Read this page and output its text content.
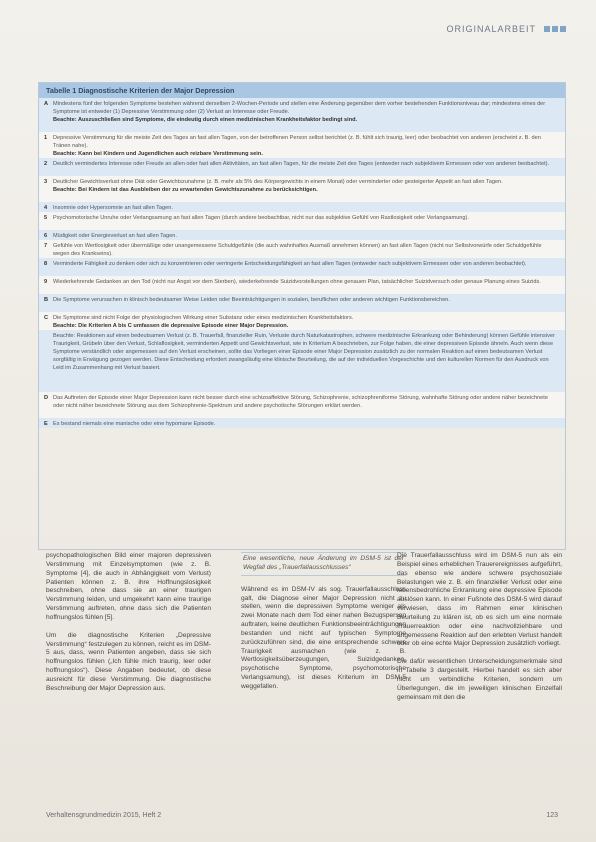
ORIGINALARBEIT
Tabelle 1 Diagnostische Kriterien der Major Depression
A Mindestens fünf der folgenden Symptome bestehen während derselben 2-Wochen-Periode und stellen eine Änderung gegenüber dem vorher bestehenden Funktionsniveau dar; mindestens eines der Symptome ist entweder (1) Depressive Verstimmung oder (2) Verlust an Interesse oder Freude.
Beachte: Auszuschließen sind Symptome, die eindeutig durch einen medizinischen Krankheitsfaktor bedingt sind.
1 Depressive Verstimmung für die meiste Zeit des Tages an fast allen Tagen, von der betroffenen Person selbst berichtet (z. B. fühlt sich traurig, leer) oder beobachtet von anderen (erscheint z. B. den Tränen nahe).
Beachte: Kann bei Kindern und Jugendlichen auch reizbare Verstimmung sein.
2 Deutlich vermindertes Interesse oder Freude an allen oder fast allen Aktivitäten, an fast allen Tagen, für die meiste Zeit des Tages (entweder nach subjektivem Ermessen oder von anderen beobachtet).
3 Deutlicher Gewichtsverlust ohne Diät oder Gewichtszunahme (z. B. mehr als 5% des Körpergewichts in einem Monat) oder verminderter oder gesteigerter Appetit an fast allen Tagen.
Beachte: Bei Kindern ist das Ausbleiben der zu erwartenden Gewichtszunahme zu berücksichtigen.
4 Insomnie oder Hypersomnie an fast allen Tagen.
5 Psychomotorische Unruhe oder Verlangsamung an fast allen Tagen (durch andere beobachtbar, nicht nur das subjektive Gefühl von Rastlosigkeit oder Verlangsamung).
6 Müdigkeit oder Energieverlust an fast allen Tagen.
7 Gefühle von Wertlosigkeit oder übermäßige oder unangemessene Schuldgefühle (die auch wahnhaftes Ausmaß annehmen können) an fast allen Tagen (nicht nur Selbstvorwürfe oder Schuldgefühle wegen des Krankseins).
8 Verminderte Fähigkeit zu denken oder sich zu konzentrieren oder verringerte Entscheidungsfähigkeit an fast allen Tagen (entweder nach subjektivem Ermessen oder von anderen beobachtet).
9 Wiederkehrende Gedanken an den Tod (nicht nur Angst vor dem Sterben), wiederkehrende Suizidvorstellungen ohne genauen Plan, tatsächlicher Suizidversuch oder genaue Planung eines Suizids.
B Die Symptome verursachen in klinisch bedeutsamer Weise Leiden oder Beeinträchtigungen in sozialen, beruflichen oder anderen wichtigen Funktionsbereichen.
C Die Symptome sind nicht Folge der physiologischen Wirkung einer Substanz oder eines medizinischen Krankheitsfaktors.
Beachte: Die Kriterien A bis C umfassen die depressive Episode einer Major Depression.
Beachte: Reaktionen auf einen bedeutsamen Verlust (z. B. Trauerfall, finanzieller Ruin, Verluste durch Naturkatastrophen, schwere medizinische Erkrankung oder Behinderung) können Gefühle intensiver Traurigkeit, Grübeln über den Verlust, Schlaflosigkeit, verminderten Appetit und Gewichtsverlust, wie in Kriterium A beschrieben, zur Folge haben, die einer depressiven Episode ähneln. Auch wenn diese Symptome verständlich oder angemessen auf den Verlust erscheinen, sollte das Vorliegen einer Episode einer Major Depression zusätzlich zu der normalen Reaktion auf einen bedeutsamen Verlust sorgfältig in Erwägung gezogen werden. Diese Entscheidung erfordert zwangsläufig eine klinische Beurteilung, die auf der individuellen Vorgeschichte und den kulturellen Normen für den Ausdruck von Leid im Zusammenhang mit Verlust basiert.
D Das Auftreten der Episode einer Major Depression kann nicht besser durch eine schizoaffektive Störung, Schizophrenie, schizophreniforme Störung, wahnhafte Störung oder andere näher bezeichnete oder nicht näher bezeichnete Störung aus dem Schizophrenie-Spektrum und andere psychotische Störungen erklärt werden.
E Es bestand niemals eine manische oder eine hypomane Episode.

psychopathologischen Bild einer majoren depressiven Verstimmung mit Einzelsymptomen (wie z. B. Symptome [4], die auch in Abhängigkeit vom Verlust) Patienten können z. B. ihre Hoffnungslosigkeit beschreiben, ohne dass sie an einer traurigen Verstimmung leiden, und umgekehrt kann eine traurige Verstimmung auftreten, ohne dass sich die Patienten hoffnungslos fühlen [5].

Um die diagnostische Kriterien „Depressive Verstimmung“ festzulegen zu können, reicht es im DSM-5 aus, dass, wenn Patienten angeben, dass sie sich hoffnungslos fühlen („Ich fühle mich traurig, leer oder hoffnungslos“). Diese Angaben bedeutet, ob diese ausreicht für diese Verstimmung. Die diagnostische Beschreibung der Major Depression aus.

Eine wesentliche, neue Änderung im DSM-5 ist der Wegfall des „Trauerfallausschlusses“

Während es im DSM-IV als sog. Trauerfallausschluss galt, die Diagnose einer Major Depression nicht zu stellen, wenn die depressiven Symptome weniger als zwei Monate nach dem Tod einer nahen Bezugsperson auftraten, keine deutlichen Funktionsbeeinträchtigungen bestanden und nicht auf typischen Symptome zurückzuführen sind, die eine entsprechende schwere Traurigkeit ausmachen (wie z. B. Wertlosigkeitsüberzeugungen, Suizidgedanken, psychotische Symptome, psychomotorische Verlangsamung), ist dieses Kriterium im DSM-5 weggefallen.

Die Trauerfallausschluss wird im DSM-5 nun als ein Beispiel eines erheblichen Trauerereignisses aufgeführt, das ebenso wie andere schwere psychosoziale Belastungen wie z. B. ein finanzieller Verlust oder eine lebensbedrohliche Erkrankung eine depressive Episode auslösen kann. In einer Fußnote des DSM-5 wird darauf verwiesen, dass im Rahmen einer klinischen Beurteilung zu klären ist, ob es sich um eine normale Trauerreaktion oder eine nachvollziehbare und angemessene Reaktion auf den erlebten Verlust handelt oder ob eine echte Major Depression zusätzlich vorliegt.

Die dafür wesentlichen Unterscheidungsmerkmale sind in Tabelle 3 dargestellt. Hierbei handelt es sich aber nicht um verbindliche Kriterien, sondern um Überlegungen, die im jeweiligen klinischen Einzelfall gemeinsam mit den die

Verhaltensgrundmedizin 2015, Heft 2	123
